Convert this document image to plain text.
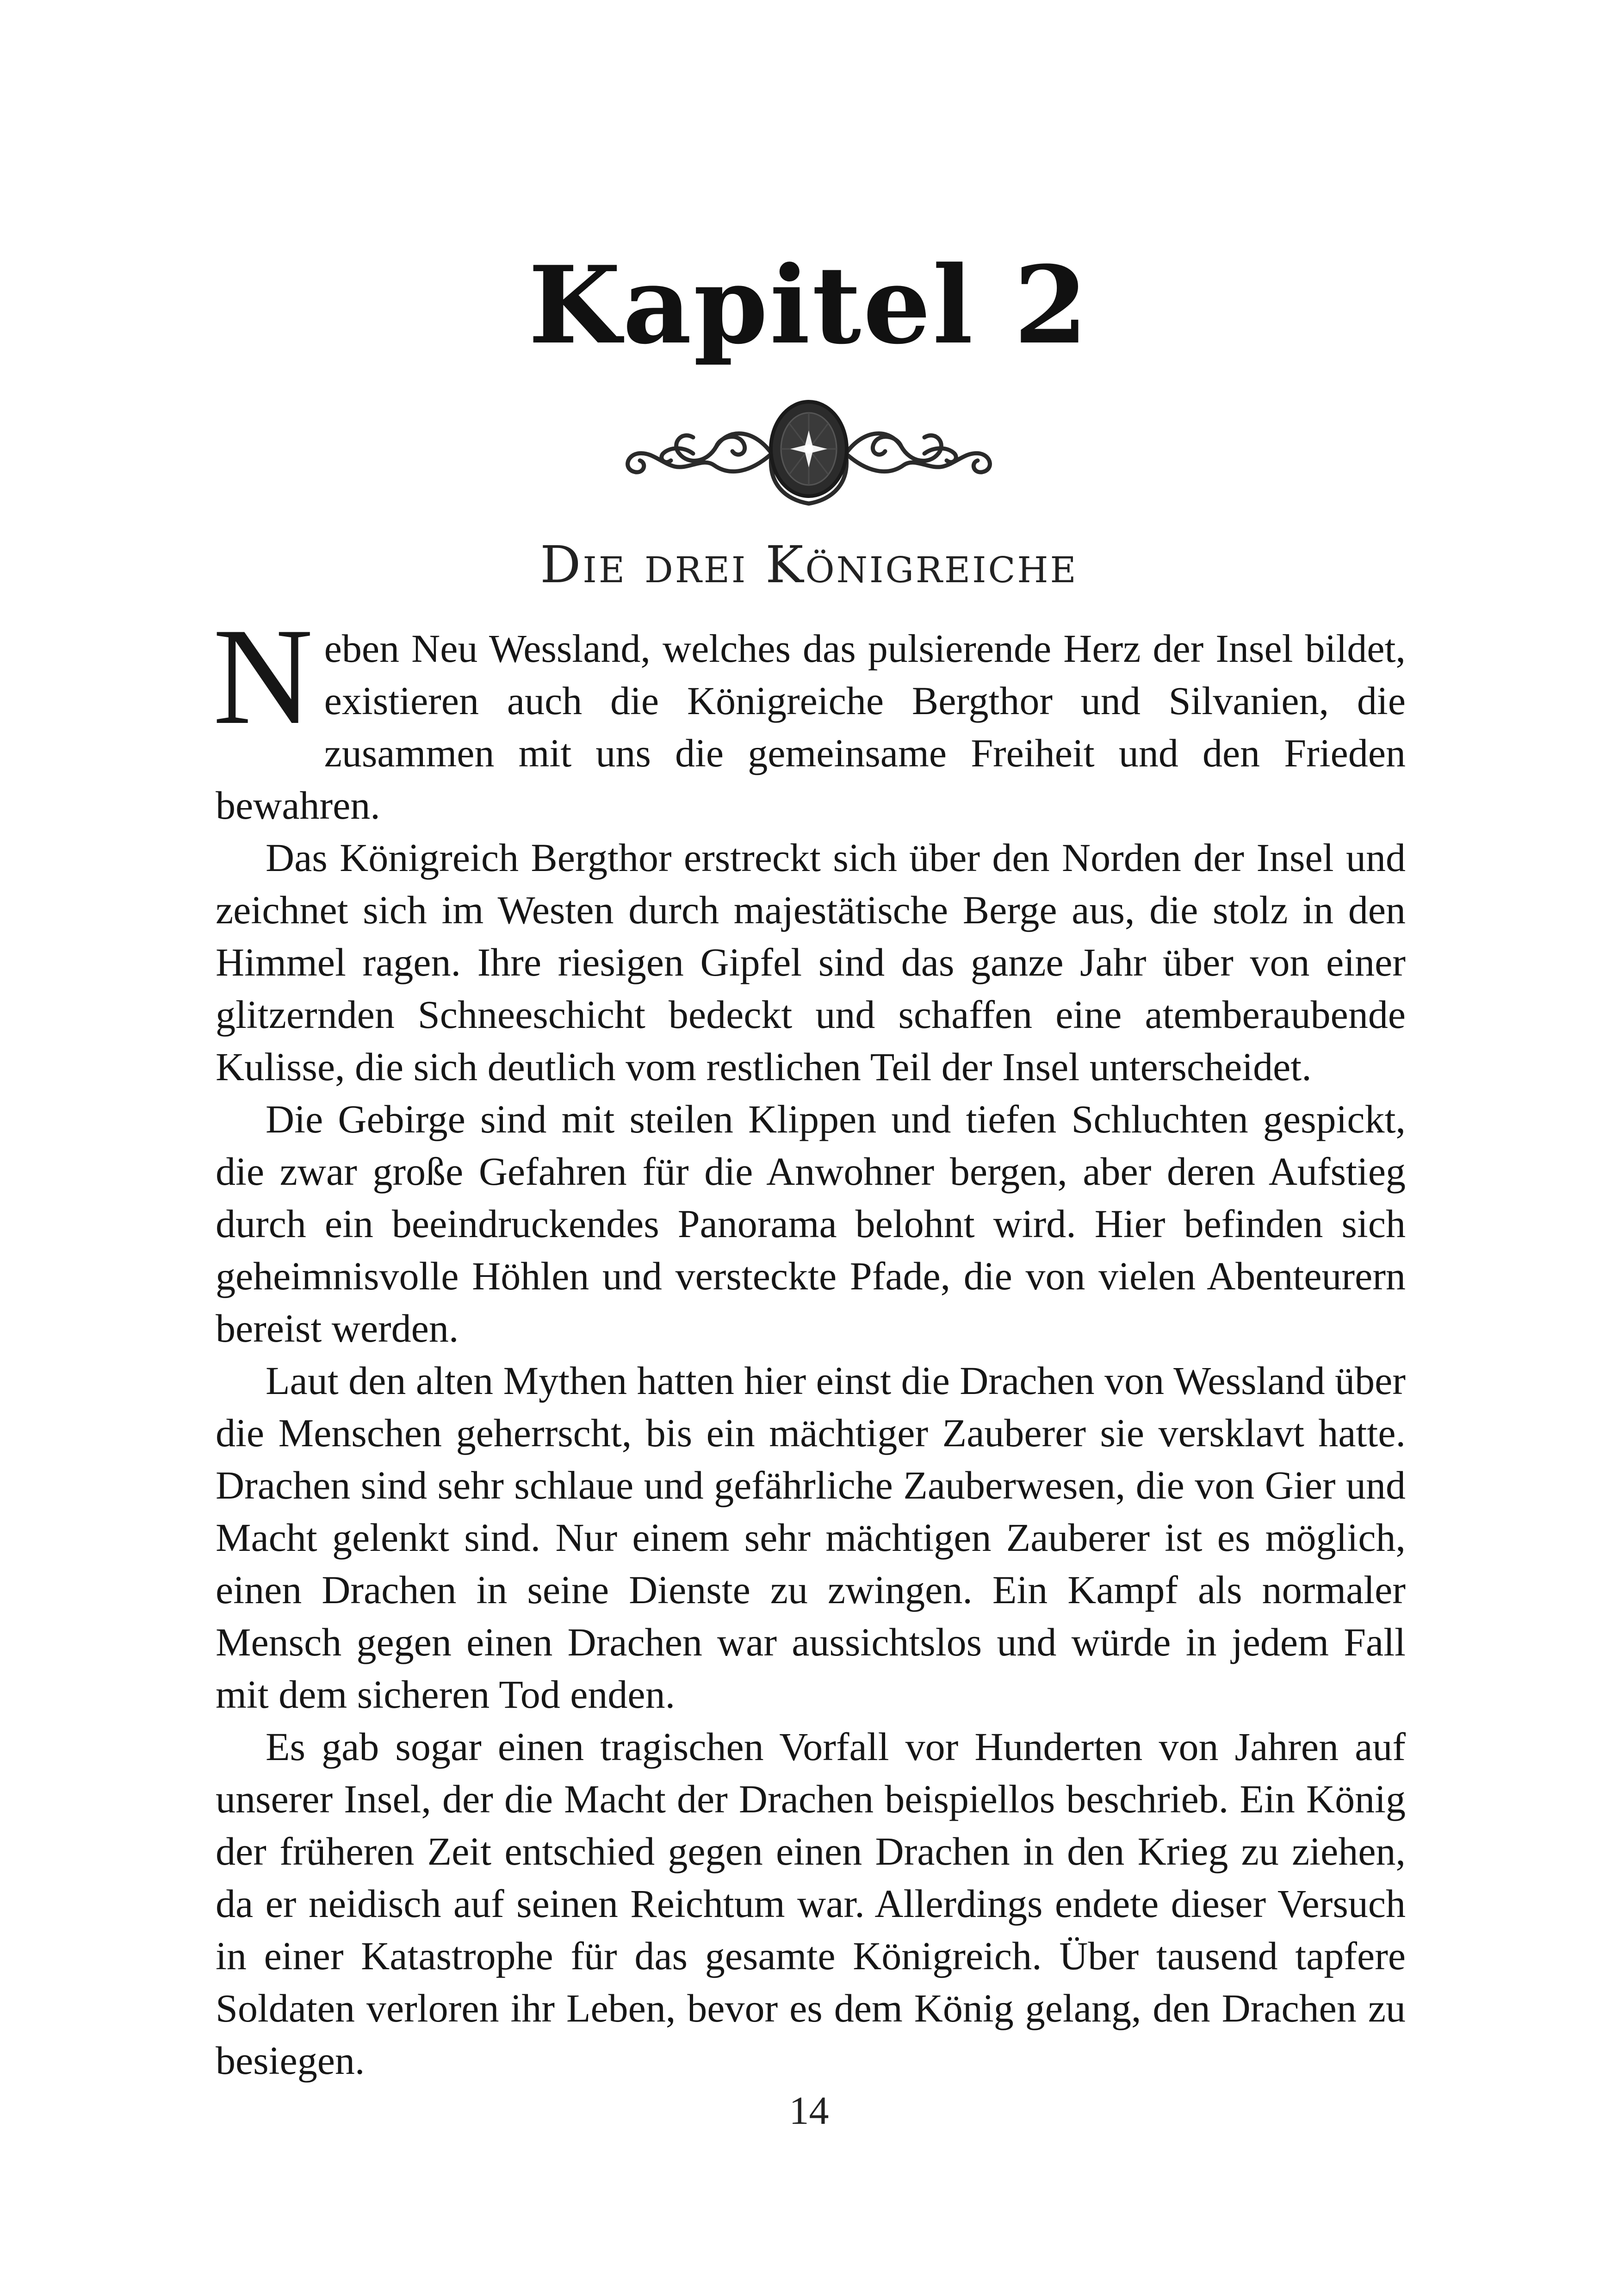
Kapitel 2
Die drei Königreiche

Neben Neu Wessland, welches das pulsierende Herz der Insel bildet, existieren auch die Königreiche Bergthor und Silvanien, die zusammen mit uns die gemeinsame Freiheit und den Frieden bewahren.

Das Königreich Bergthor erstreckt sich über den Norden der Insel und zeichnet sich im Westen durch majestätische Berge aus, die stolz in den Himmel ragen. Ihre riesigen Gipfel sind das ganze Jahr über von einer glitzernden Schneeschicht bedeckt und schaffen eine atemberaubende Kulisse, die sich deutlich vom restlichen Teil der Insel unterscheidet.

Die Gebirge sind mit steilen Klippen und tiefen Schluchten gespickt, die zwar große Gefahren für die Anwohner bergen, aber deren Aufstieg durch ein beeindruckendes Panorama belohnt wird. Hier befinden sich geheimnisvolle Höhlen und versteckte Pfade, die von vielen Abenteurern bereist werden.

Laut den alten Mythen hatten hier einst die Drachen von Wessland über die Menschen geherrscht, bis ein mächtiger Zauberer sie versklavt hatte. Drachen sind sehr schlaue und gefährliche Zauberwesen, die von Gier und Macht gelenkt sind. Nur einem sehr mächtigen Zauberer ist es möglich, einen Drachen in seine Dienste zu zwingen. Ein Kampf als normaler Mensch gegen einen Drachen war aussichtslos und würde in jedem Fall mit dem sicheren Tod enden.

Es gab sogar einen tragischen Vorfall vor Hunderten von Jahren auf unserer Insel, der die Macht der Drachen beispiellos beschrieb. Ein König der früheren Zeit entschied gegen einen Drachen in den Krieg zu ziehen, da er neidisch auf seinen Reichtum war. Allerdings endete dieser Versuch in einer Katastrophe für das gesamte Königreich. Über tausend tapfere Soldaten verloren ihr Leben, bevor es dem König gelang, den Drachen zu besiegen.

14
